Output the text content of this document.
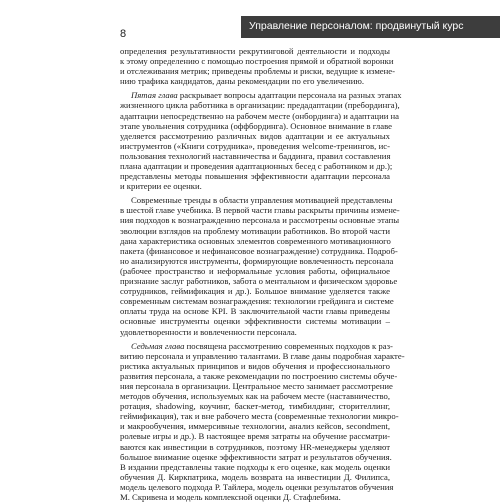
Управление персоналом: продвинутый курс
8
определения результативности рекрутинговой деятельности и подходы
к этому определению с помощью построения прямой и обратной воронки
и отслеживания метрик; приведены проблемы и риски, ведущие к измене-
нию трафика кандидатов, даны рекомендации по его увеличению.
Пятая глава раскрывает вопросы адаптации персонала на разных этапах
жизненного цикла работника в организации: предадаптации (пребординга),
адаптации непосредственно на рабочем месте (онбординга) и адаптации на
этапе увольнения сотрудника (оффбординга). Основное внимание в главе
уделяется рассмотрению различных видов адаптации и ее актуальных
инструментов («Книги сотрудника», проведения welcome-тренингов, ис-
пользования технологий наставничества и баддинга, правил составления
плана адаптации и проведения адаптационных бесед с работником и др.);
представлены методы повышения эффективности адаптации персонала
и критерии ее оценки.
Современные тренды в области управления мотивацией представлены
в шестой главе учебника. В первой части главы раскрыты причины измене-
ния подходов к вознаграждению персонала и рассмотрены основные этапы
эволюции взглядов на проблему мотивации работников. Во второй части
дана характеристика основных элементов современного мотивационного
пакета (финансовое и нефинансовое вознаграждение) сотрудника. Подроб-
но анализируются инструменты, формирующие вовлеченность персонала
(рабочее пространство и неформальные условия работы, официальное
признание заслуг работников, забота о ментальном и физическом здоровье
сотрудников, геймификация и др.). Большое внимание уделяется также
современным системам вознаграждения: технологии грейдинга и системе
оплаты труда на основе KPI. В заключительной части главы приведены
основные инструменты оценки эффективности системы мотивации –
удовлетворенности и вовлеченности персонала.
Седьмая глава посвящена рассмотрению современных подходов к раз-
витию персонала и управлению талантами. В главе даны подробная характе-
ристика актуальных принципов и видов обучения и профессионального
развития персонала, а также рекомендации по построению системы обуче-
ния персонала в организации. Центральное место занимает рассмотрение
методов обучения, используемых как на рабочем месте (наставничество,
ротация, shadowing, коучинг, баскет-метод, тимбилдинг, сторителлинг,
геймификация), так и вне рабочего места (современные технологии микро-
и макрообучения, иммерсивные технологии, анализ кейсов, secondment,
ролевые игры и др.). В настоящее время затраты на обучение рассматри-
ваются как инвестиции в сотрудников, поэтому HR-менеджеры уделяют
большое внимание оценке эффективности затрат и результатов обучения.
В издании представлены такие подходы к его оценке, как модель оценки
обучения Д. Киркпатрика, модель возврата на инвестиции Д. Филипса,
модель целевого подхода Р. Тайлера, модель оценки результатов обучения
М. Скривена и модель комплексной оценки Д. Стафлебима.
